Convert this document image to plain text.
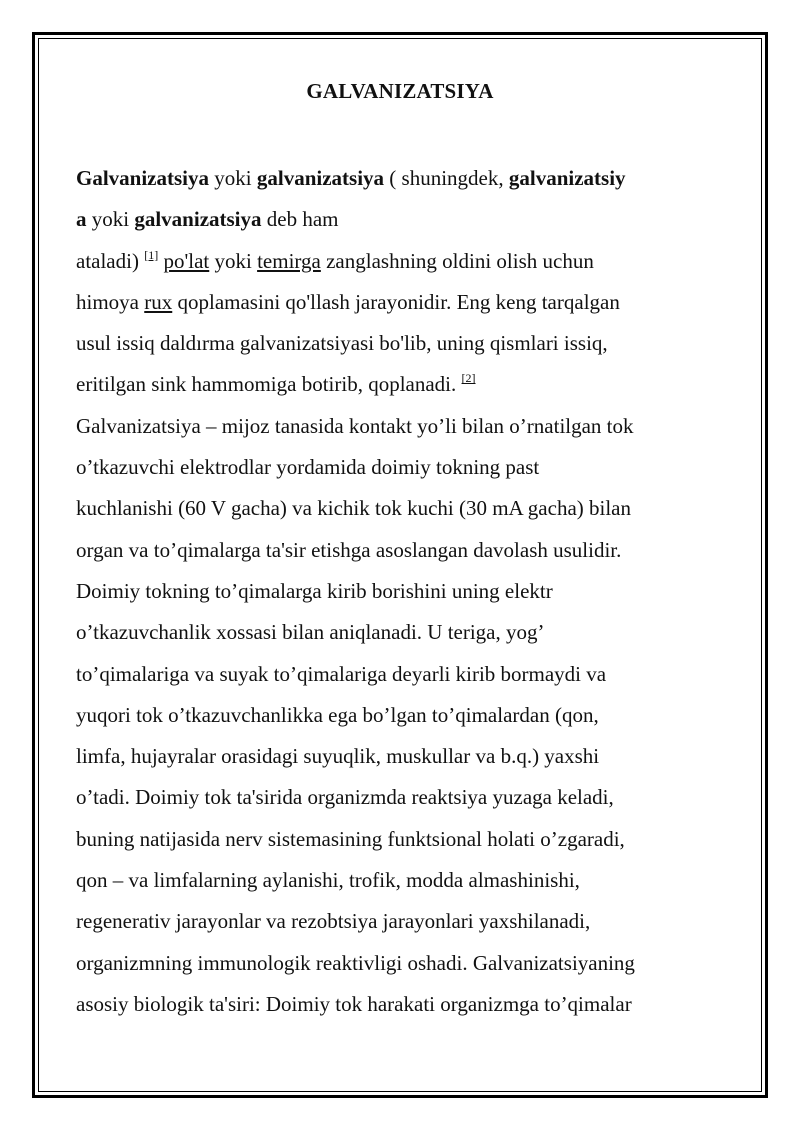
GALVANIZATSIYA

Galvanizatsiya yoki galvanizatsiya ( shuningdek, galvanizatsiy
a yoki galvanizatsiya deb ham
ataladi) [1] po'lat yoki temirga zanglashning oldini olish uchun
himoya rux qoplamasini qo'llash jarayonidir. Eng keng tarqalgan
usul issiq daldırma galvanizatsiyasi bo'lib, uning qismlari issiq,
eritilgan sink hammomiga botirib, qoplanadi. [2]

Galvanizatsiya – mijoz tanasida kontakt yo’li bilan o’rnatilgan tok
o’tkazuvchi elektrodlar yordamida doimiy tokning past
kuchlanishi (60 V gacha) va kichik tok kuchi (30 mA gacha) bilan
organ va to’qimalarga ta'sir etishga asoslangan davolash usulidir.
Doimiy tokning to’qimalarga kirib borishini uning elektr
o’tkazuvchanlik xossasi bilan aniqlanadi. U teriga, yog’
to’qimalariga va suyak to’qimalariga deyarli kirib bormaydi va
yuqori tok o’tkazuvchanlikka ega bo’lgan to’qimalardan (qon,
limfa, hujayralar orasidagi suyuqlik, muskullar va b.q.) yaxshi
o’tadi. Doimiy tok ta'sirida organizmda reaktsiya yuzaga keladi,
buning natijasida nerv sistemasining funktsional holati o’zgaradi,
qon – va limfalarning aylanishi, trofik, modda almashinishi,
regenerativ jarayonlar va rezobtsiya jarayonlari yaxshilanadi,
organizmning immunologik reaktivligi oshadi. Galvanizatsiyaning
asosiy biologik ta'siri: Doimiy tok harakati organizmga to’qimalar
